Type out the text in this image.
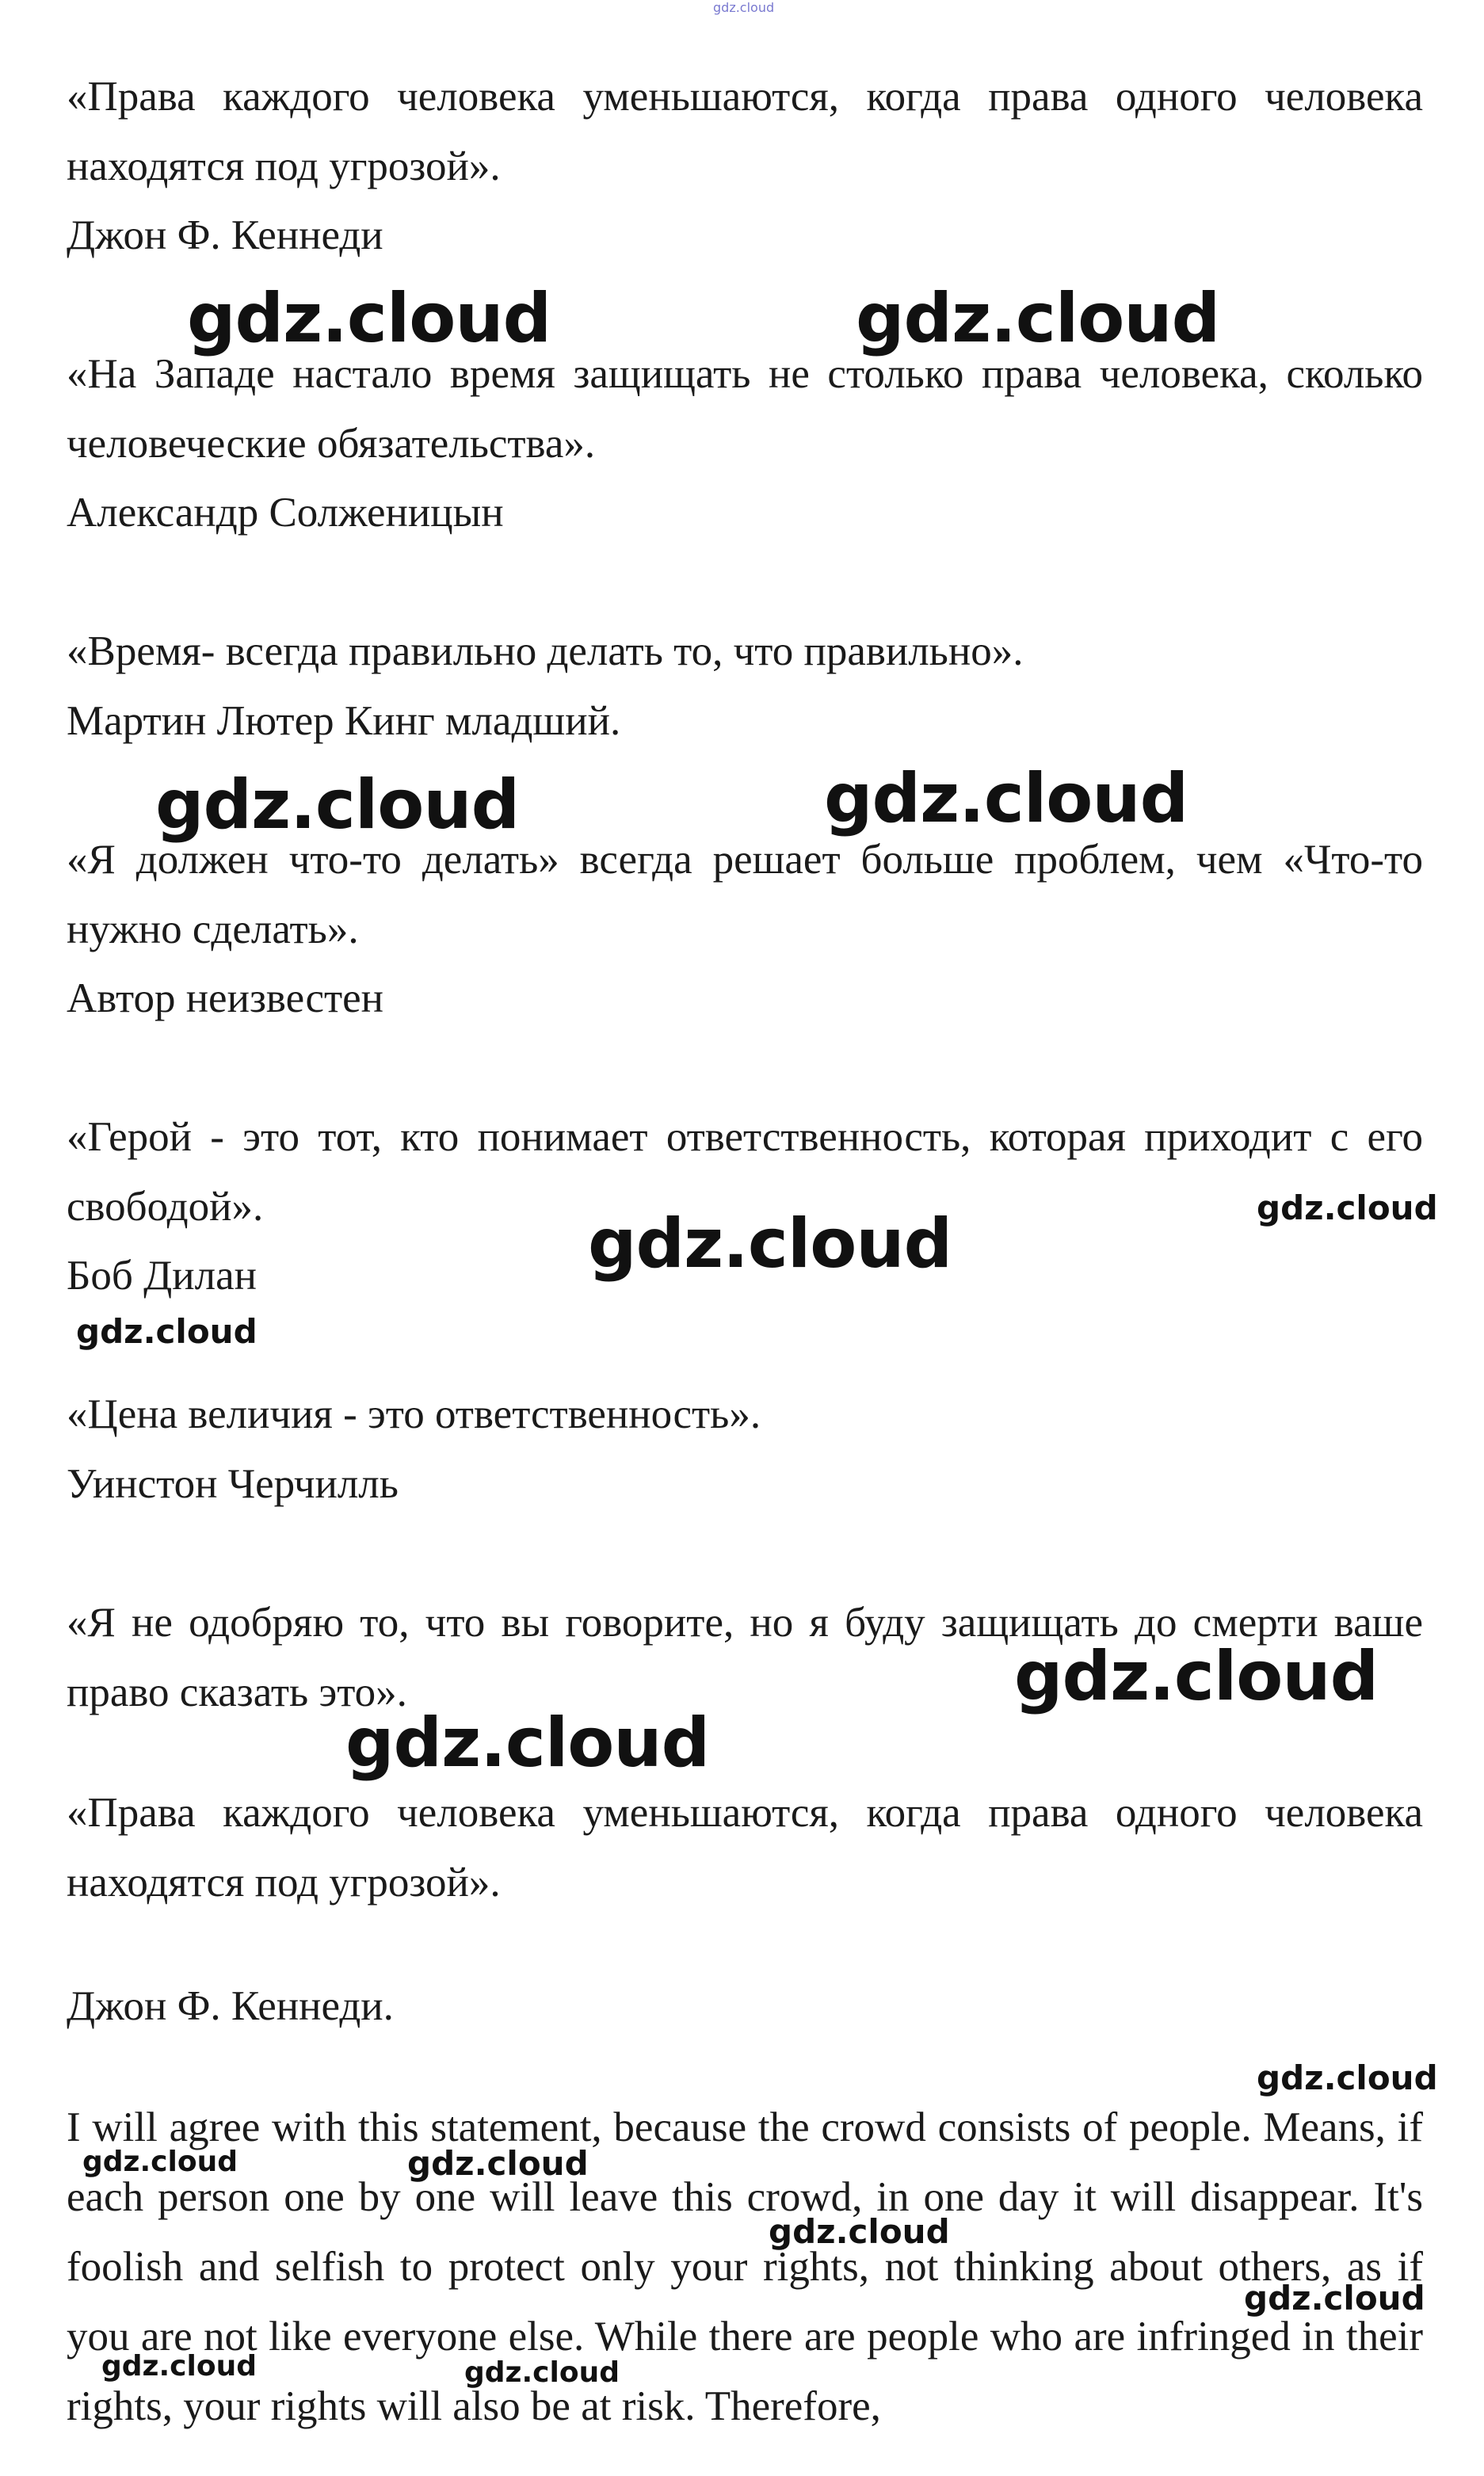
gdz.cloud

«Права каждого человека уменьшаются, когда права одного человека находятся под угрозой».

Джон Ф. Кеннеди

«На Западе настало время защищать не столько права человека, сколько человеческие обязательства».

Александр Солженицын

«Время- всегда правильно делать то, что правильно».

Мартин Лютер Кинг младший.

«Я должен что-то делать» всегда решает больше проблем, чем «Что-то нужно сделать».

Автор неизвестен

«Герой - это тот, кто понимает ответственность, которая приходит с его свободой».

Боб Дилан

«Цена величия - это ответственность».

Уинстон Черчилль

«Я не одобряю то, что вы говорите, но я буду защищать до смерти ваше право сказать это».

«Права каждого человека уменьшаются, когда права одного человека находятся под угрозой».

Джон Ф. Кеннеди.

I will agree with this statement, because the crowd consists of people. Means, if each person one by one will leave this crowd, in one day it will disappear. It's foolish and selfish to protect only your rights, not thinking about others, as if you are not like everyone else. While there are people who are infringed in their rights, your rights will also be at risk. Therefore,

gdz.cloud	gdz.cloud
gdz.cloud	gdz.cloud
gdz.cloud	gdz.cloud
gdz.cloud
gdz.cloud
gdz.cloud
gdz.cloud
gdz.cloud	gdz.cloud
gdz.cloud
gdz.cloud
gdz.cloud	gdz.cloud
